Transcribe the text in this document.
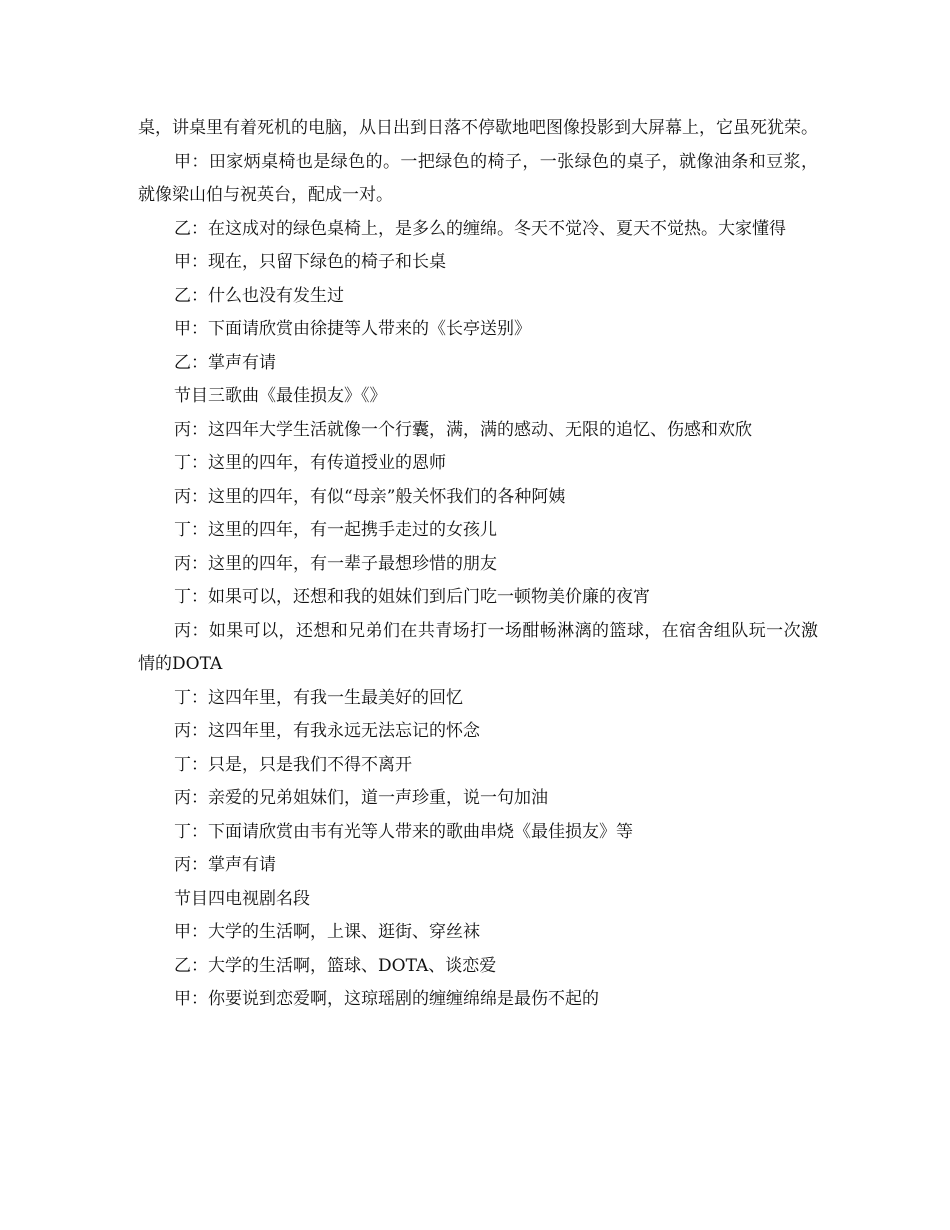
桌，讲桌里有着死机的电脑，从日出到日落不停歇地吧图像投影到大屏幕上，它虽死犹荣。

甲：田家炳桌椅也是绿色的。一把绿色的椅子，一张绿色的桌子，就像油条和豆浆，就像梁山伯与祝英台，配成一对。

乙：在这成对的绿色桌椅上，是多么的缠绵。冬天不觉冷、夏天不觉热。大家懂得

甲：现在，只留下绿色的椅子和长桌

乙：什么也没有发生过

甲：下面请欣赏由徐捷等人带来的《长亭送别》

乙：掌声有请

节目三歌曲《最佳损友》《》

丙：这四年大学生活就像一个行囊，满，满的感动、无限的追忆、伤感和欢欣

丁：这里的四年，有传道授业的恩师

丙：这里的四年，有似“母亲”般关怀我们的各种阿姨

丁：这里的四年，有一起携手走过的女孩儿

丙：这里的四年，有一辈子最想珍惜的朋友

丁：如果可以，还想和我的姐妹们到后门吃一顿物美价廉的夜宵

丙：如果可以，还想和兄弟们在共青场打一场酣畅淋漓的篮球，在宿舍组队玩一次激情的DOTA

丁：这四年里，有我一生最美好的回忆

丙：这四年里，有我永远无法忘记的怀念

丁：只是，只是我们不得不离开

丙：亲爱的兄弟姐妹们，道一声珍重，说一句加油

丁：下面请欣赏由韦有光等人带来的歌曲串烧《最佳损友》等

丙：掌声有请

节目四电视剧名段

甲：大学的生活啊，上课、逛街、穿丝袜

乙：大学的生活啊，篮球、DOTA、谈恋爱

甲：你要说到恋爱啊，这琼瑶剧的缠缠绵绵是最伤不起的
